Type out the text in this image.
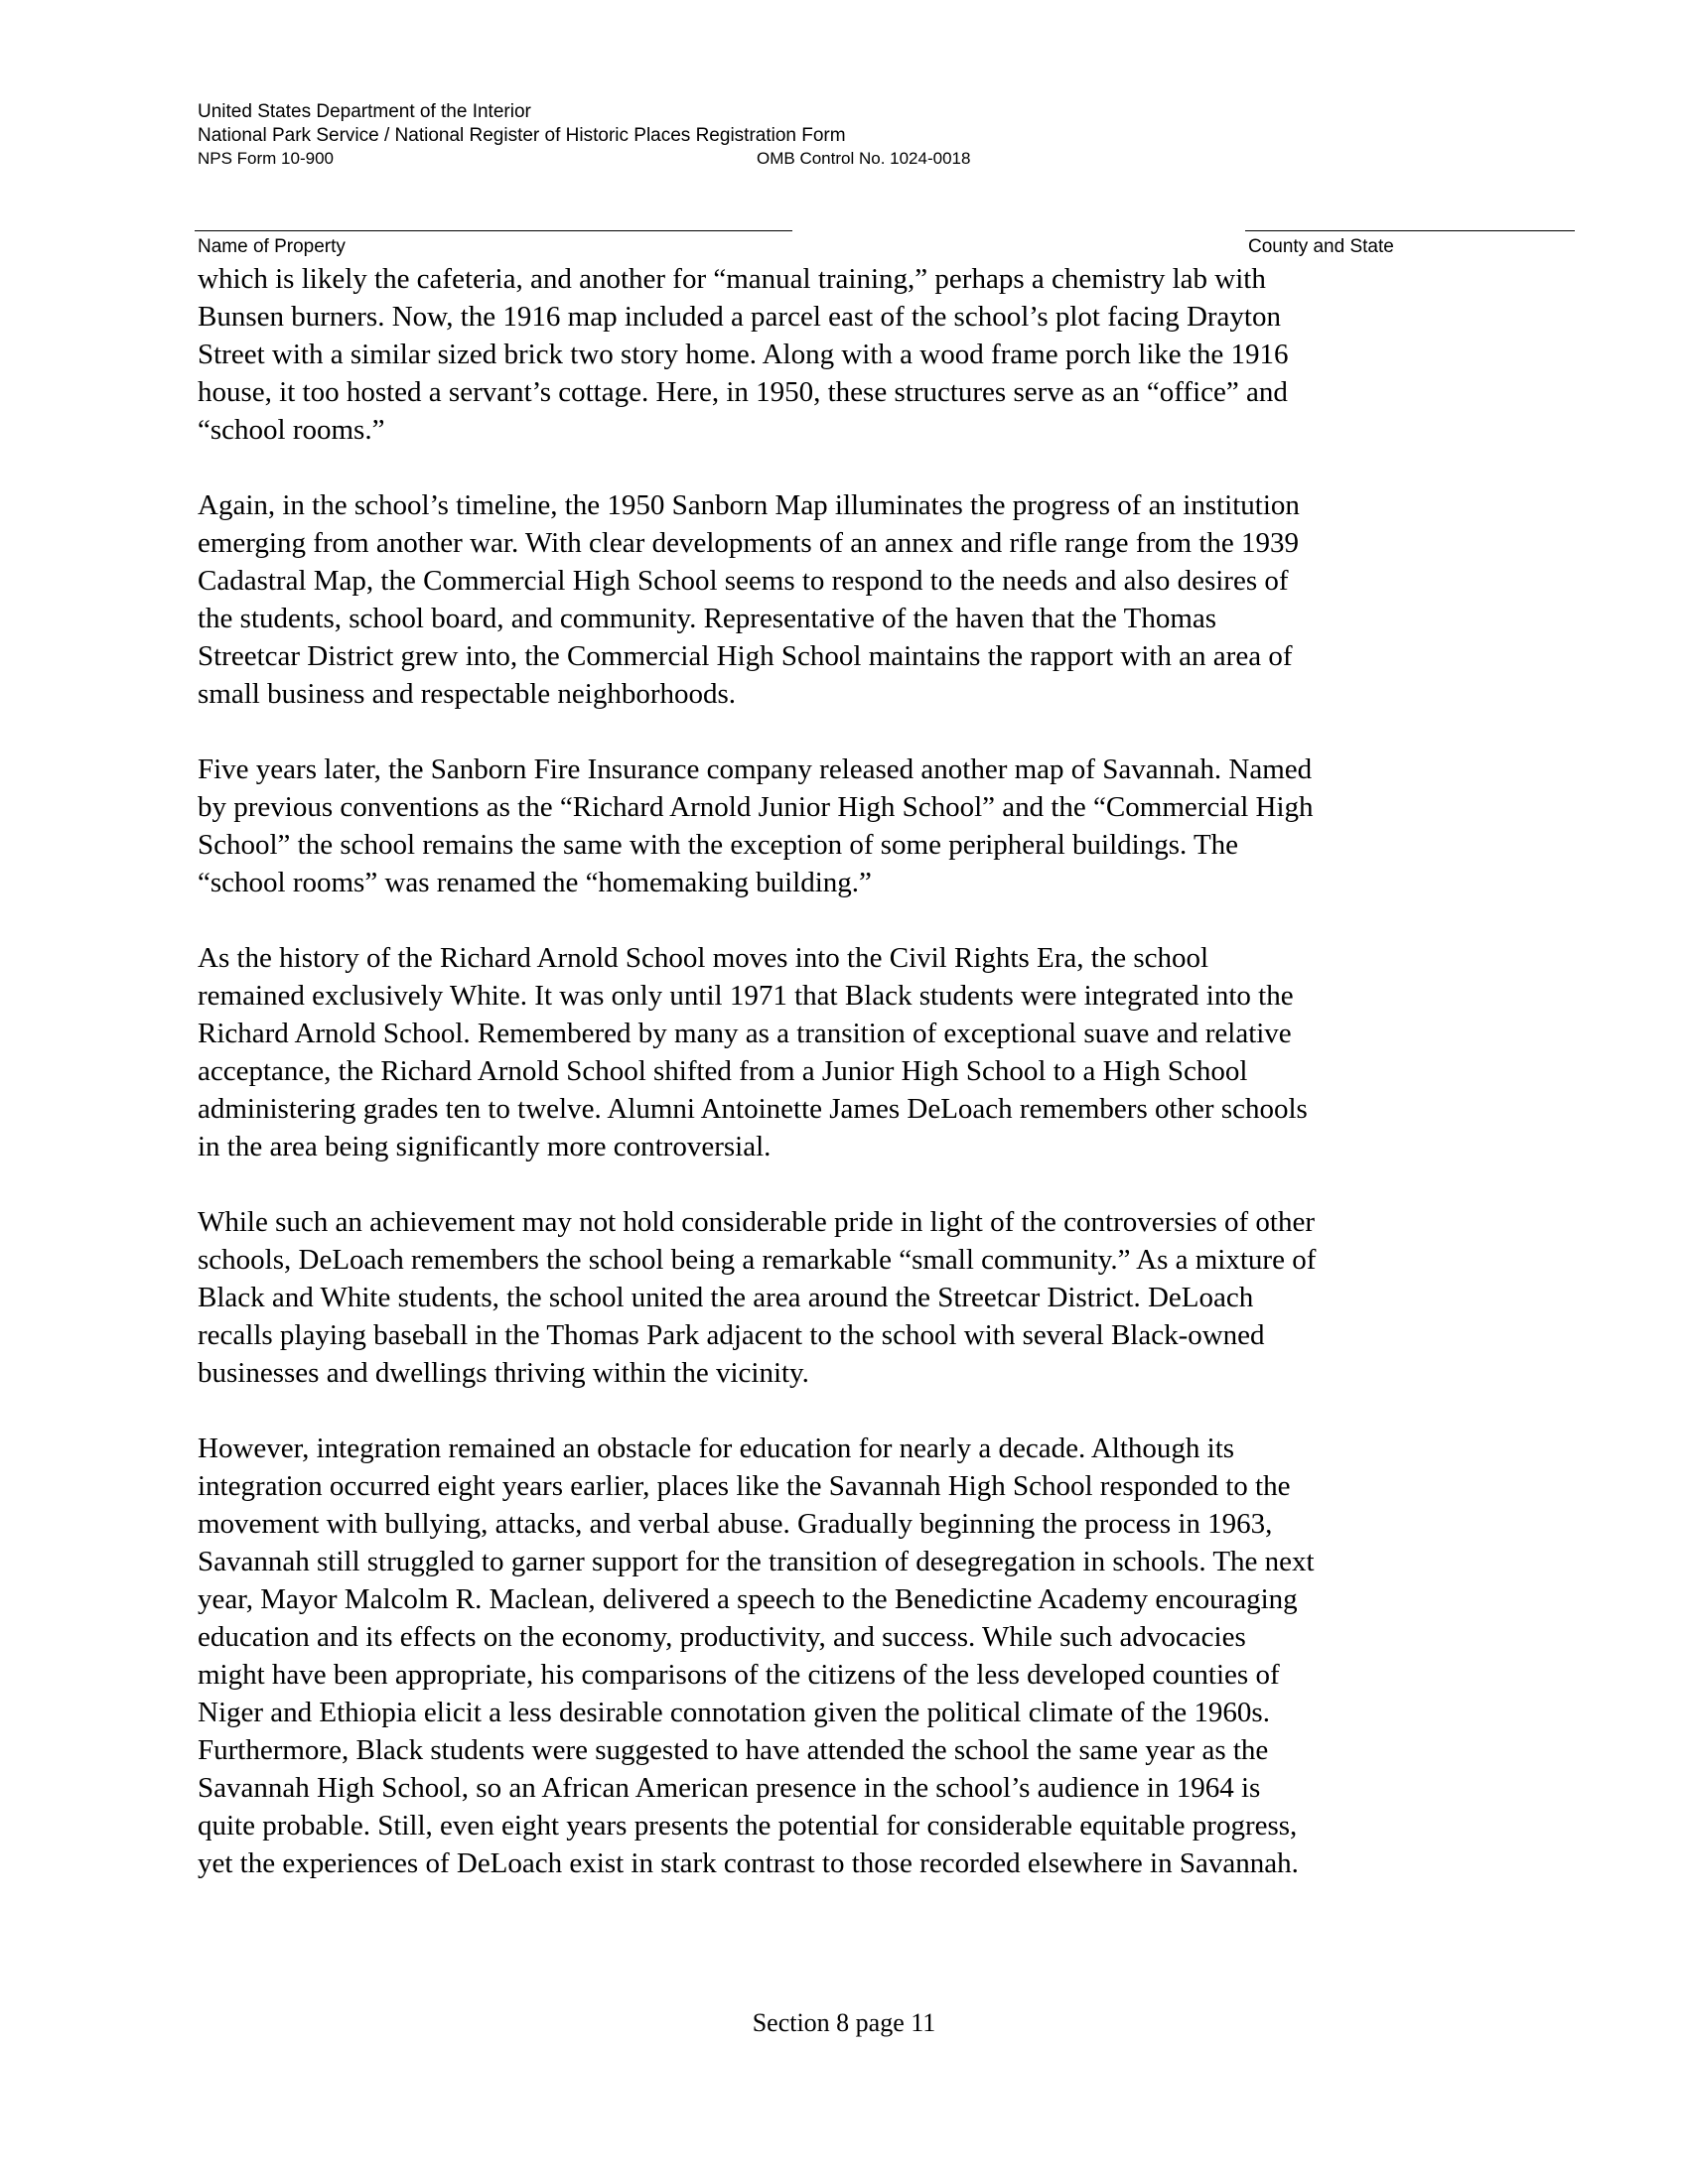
United States Department of the Interior
National Park Service / National Register of Historic Places Registration Form
NPS Form 10-900	OMB Control No. 1024-0018
Name of Property	County and State

which is likely the cafeteria, and another for “manual training,” perhaps a chemistry lab with
Bunsen burners. Now, the 1916 map included a parcel east of the school’s plot facing Drayton
Street with a similar sized brick two story home. Along with a wood frame porch like the 1916
house, it too hosted a servant’s cottage. Here, in 1950, these structures serve as an “office” and
“school rooms.”

Again, in the school’s timeline, the 1950 Sanborn Map illuminates the progress of an institution
emerging from another war. With clear developments of an annex and rifle range from the 1939
Cadastral Map, the Commercial High School seems to respond to the needs and also desires of
the students, school board, and community. Representative of the haven that the Thomas
Streetcar District grew into, the Commercial High School maintains the rapport with an area of
small business and respectable neighborhoods.

Five years later, the Sanborn Fire Insurance company released another map of Savannah. Named
by previous conventions as the “Richard Arnold Junior High School” and the “Commercial High
School” the school remains the same with the exception of some peripheral buildings. The
“school rooms” was renamed the “homemaking building.”

As the history of the Richard Arnold School moves into the Civil Rights Era, the school
remained exclusively White. It was only until 1971 that Black students were integrated into the
Richard Arnold School. Remembered by many as a transition of exceptional suave and relative
acceptance, the Richard Arnold School shifted from a Junior High School to a High School
administering grades ten to twelve. Alumni Antoinette James DeLoach remembers other schools
in the area being significantly more controversial.

While such an achievement may not hold considerable pride in light of the controversies of other
schools, DeLoach remembers the school being a remarkable “small community.” As a mixture of
Black and White students, the school united the area around the Streetcar District. DeLoach
recalls playing baseball in the Thomas Park adjacent to the school with several Black-owned
businesses and dwellings thriving within the vicinity.

However, integration remained an obstacle for education for nearly a decade. Although its
integration occurred eight years earlier, places like the Savannah High School responded to the
movement with bullying, attacks, and verbal abuse. Gradually beginning the process in 1963,
Savannah still struggled to garner support for the transition of desegregation in schools. The next
year, Mayor Malcolm R. Maclean, delivered a speech to the Benedictine Academy encouraging
education and its effects on the economy, productivity, and success. While such advocacies
might have been appropriate, his comparisons of the citizens of the less developed counties of
Niger and Ethiopia elicit a less desirable connotation given the political climate of the 1960s.
Furthermore, Black students were suggested to have attended the school the same year as the
Savannah High School, so an African American presence in the school’s audience in 1964 is
quite probable. Still, even eight years presents the potential for considerable equitable progress,
yet the experiences of DeLoach exist in stark contrast to those recorded elsewhere in Savannah.

Section 8 page 11
